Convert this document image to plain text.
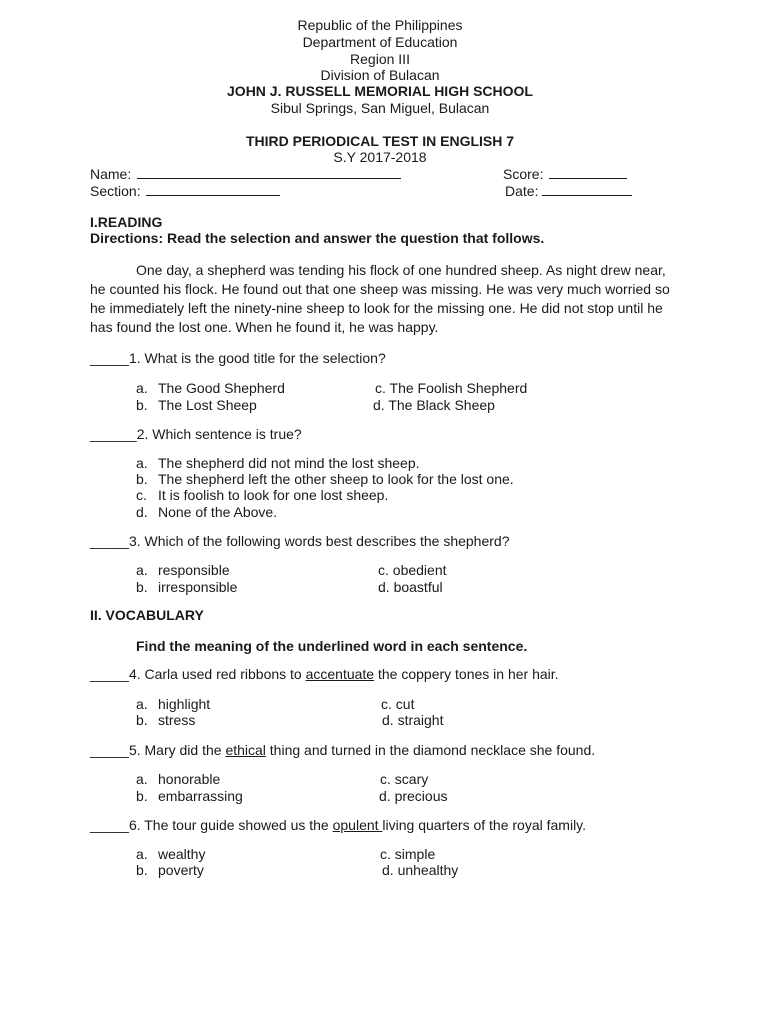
Republic of the Philippines
Department of Education
Region III
Division of Bulacan
JOHN J. RUSSELL MEMORIAL HIGH SCHOOL
Sibul Springs, San Miguel, Bulacan
THIRD PERIODICAL TEST IN ENGLISH 7
S.Y 2017-2018
Name:
Section:
Score:
Date:
I.READING
Directions: Read the selection and answer the question that follows.
One day, a shepherd was tending his flock of one hundred sheep. As night drew near,
he counted his flock. He found out that one sheep was missing. He was very much worried so
he immediately left the ninety-nine sheep to look for the missing one. He did not stop until he
has found the lost one. When he found it, he was happy.
_____1. What is the good title for the selection?
a. The Good Shepherd
b. The Lost Sheep
c. The Foolish Shepherd
d. The Black Sheep
______2. Which sentence is true?
a. The shepherd did not mind the lost sheep.
b. The shepherd left the other sheep to look for the lost one.
c. It is foolish to look for one lost sheep.
d. None of the Above.
_____3. Which of the following words best describes the shepherd?
a. responsible
b. irresponsible
c. obedient
d. boastful
II. VOCABULARY
Find the meaning of the underlined word in each sentence.
_____4. Carla used red ribbons to accentuate the coppery tones in her hair.
a. highlight
b. stress
c. cut
d. straight
_____5. Mary did the ethical thing and turned in the diamond necklace she found.
a. honorable
b. embarrassing
c. scary
d. precious
_____6. The tour guide showed us the opulent living quarters of the royal family.
a. wealthy
b. poverty
c. simple
d. unhealthy
